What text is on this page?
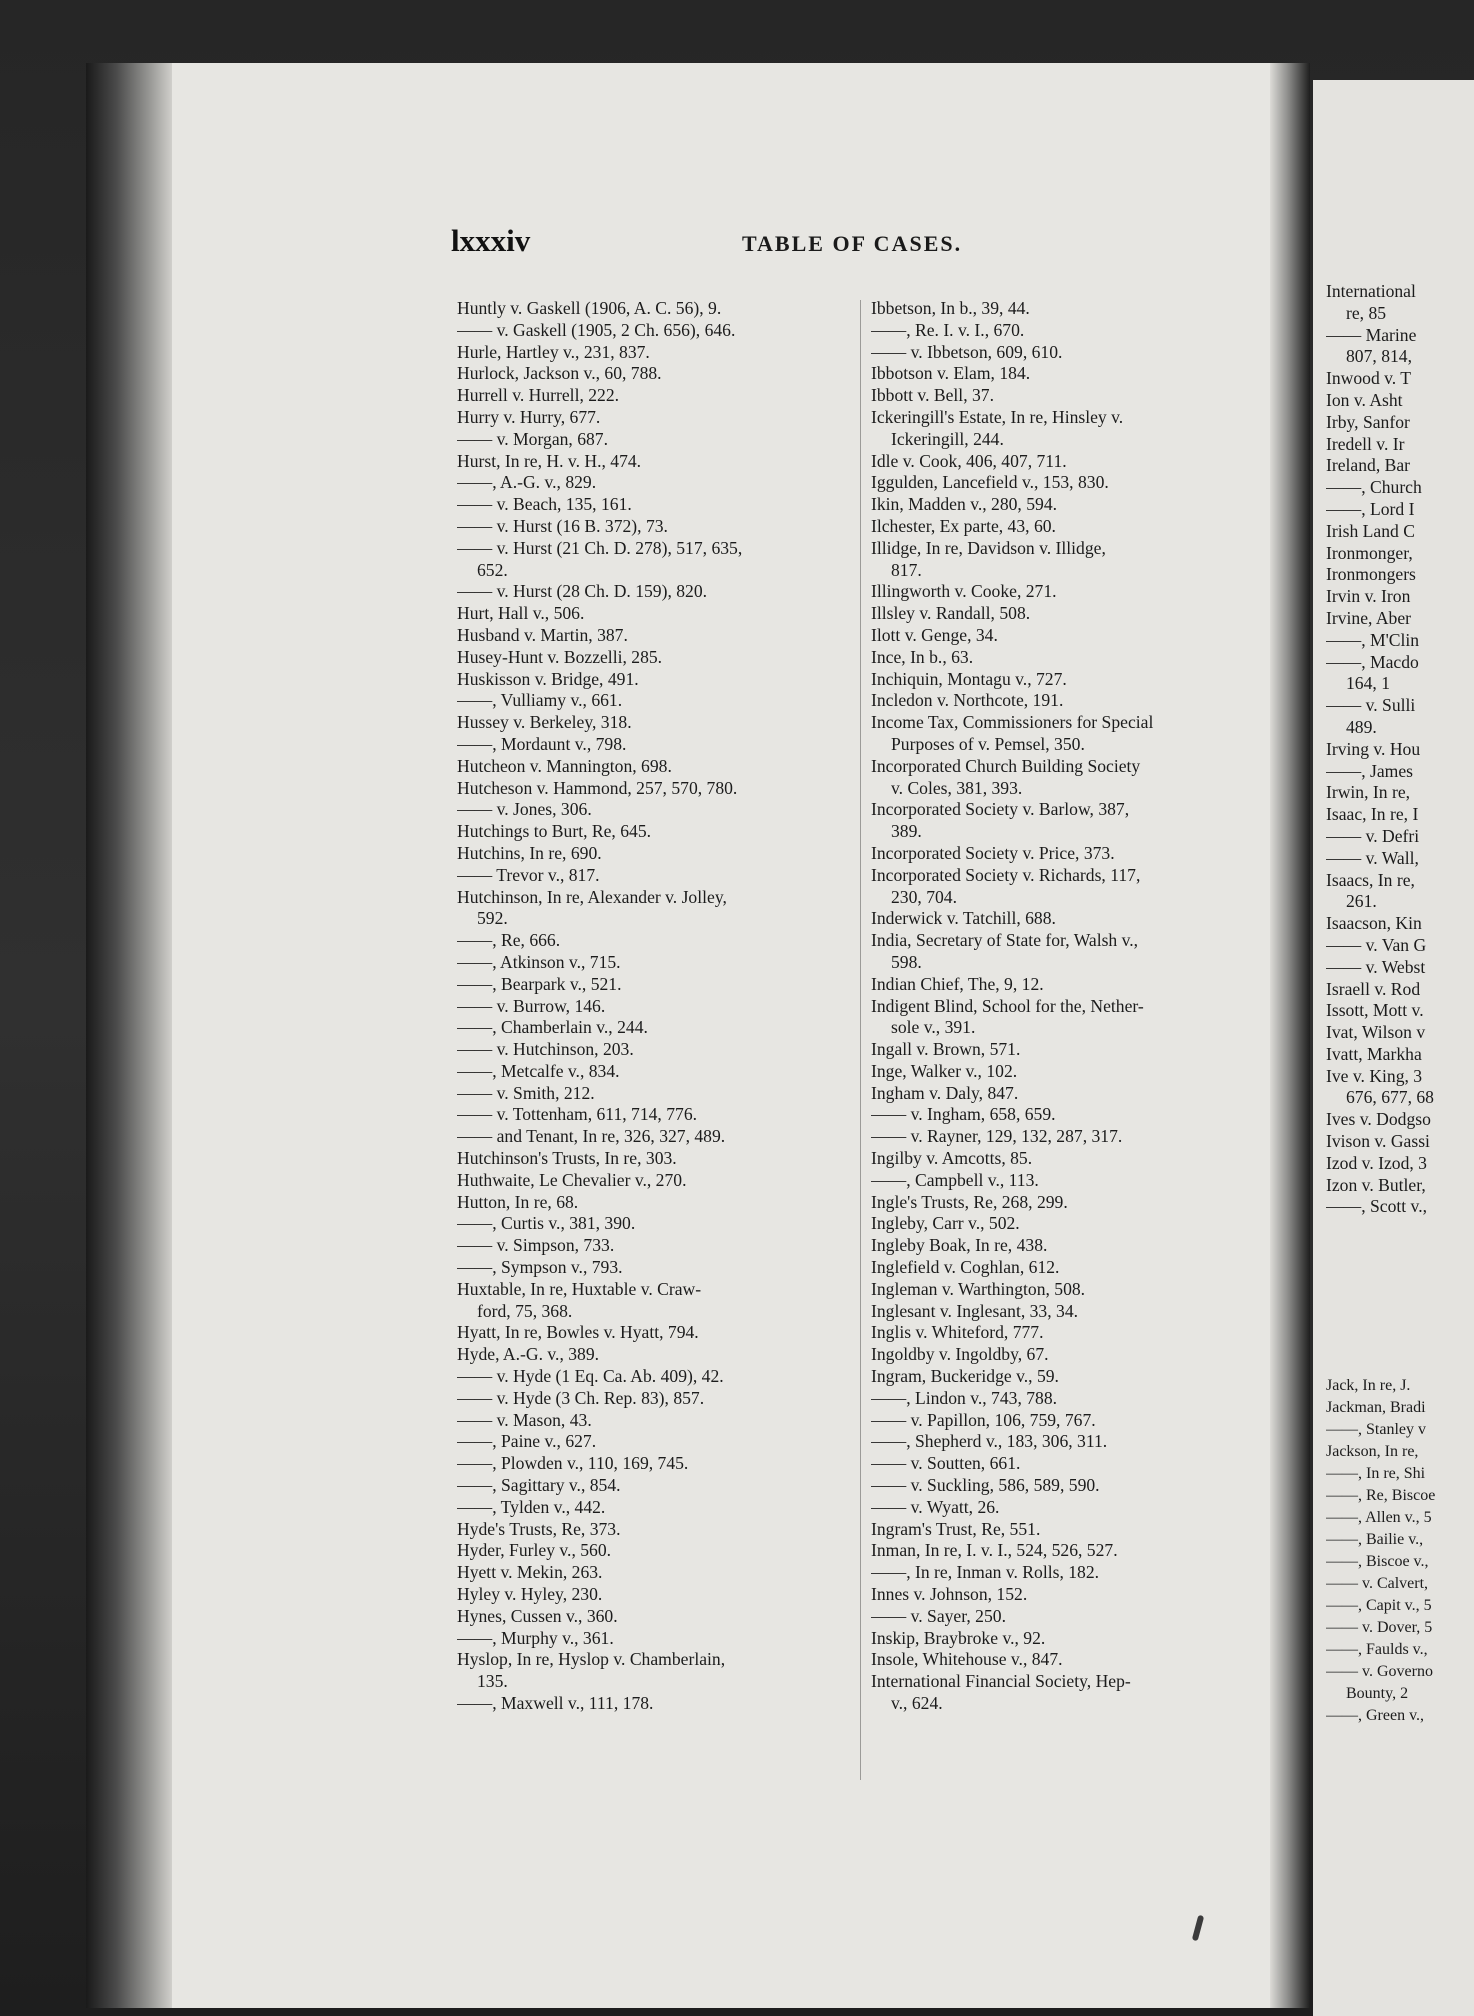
lxxxiv	TABLE OF CASES.
Huntly v. Gaskell (1906, A. C. 56), 9.
—— v. Gaskell (1905, 2 Ch. 656), 646.
Hurle, Hartley v., 231, 837.
Hurlock, Jackson v., 60, 788.
Hurrell v. Hurrell, 222.
Hurry v. Hurry, 677.
—— v. Morgan, 687.
Hurst, In re, H. v. H., 474.
——, A.-G. v., 829.
—— v. Beach, 135, 161.
—— v. Hurst (16 B. 372), 73.
—— v. Hurst (21 Ch. D. 278), 517, 635,
652.
—— v. Hurst (28 Ch. D. 159), 820.
Hurt, Hall v., 506.
Husband v. Martin, 387.
Husey-Hunt v. Bozzelli, 285.
Huskisson v. Bridge, 491.
——, Vulliamy v., 661.
Hussey v. Berkeley, 318.
——, Mordaunt v., 798.
Hutcheon v. Mannington, 698.
Hutcheson v. Hammond, 257, 570, 780.
—— v. Jones, 306.
Hutchings to Burt, Re, 645.
Hutchins, In re, 690.
—— Trevor v., 817.
Hutchinson, In re, Alexander v. Jolley,
592.
——, Re, 666.
——, Atkinson v., 715.
——, Bearpark v., 521.
—— v. Burrow, 146.
——, Chamberlain v., 244.
—— v. Hutchinson, 203.
——, Metcalfe v., 834.
—— v. Smith, 212.
—— v. Tottenham, 611, 714, 776.
—— and Tenant, In re, 326, 327, 489.
Hutchinson's Trusts, In re, 303.
Huthwaite, Le Chevalier v., 270.
Hutton, In re, 68.
——, Curtis v., 381, 390.
—— v. Simpson, 733.
——, Sympson v., 793.
Huxtable, In re, Huxtable v. Craw-
ford, 75, 368.
Hyatt, In re, Bowles v. Hyatt, 794.
Hyde, A.-G. v., 389.
—— v. Hyde (1 Eq. Ca. Ab. 409), 42.
—— v. Hyde (3 Ch. Rep. 83), 857.
—— v. Mason, 43.
——, Paine v., 627.
——, Plowden v., 110, 169, 745.
——, Sagittary v., 854.
——, Tylden v., 442.
Hyde's Trusts, Re, 373.
Hyder, Furley v., 560.
Hyett v. Mekin, 263.
Hyley v. Hyley, 230.
Hynes, Cussen v., 360.
——, Murphy v., 361.
Hyslop, In re, Hyslop v. Chamberlain,
135.
——, Maxwell v., 111, 178.
Ibbetson, In b., 39, 44.
——, Re. I. v. I., 670.
—— v. Ibbetson, 609, 610.
Ibbotson v. Elam, 184.
Ibbott v. Bell, 37.
Ickeringill's Estate, In re, Hinsley v.
Ickeringill, 244.
Idle v. Cook, 406, 407, 711.
Iggulden, Lancefield v., 153, 830.
Ikin, Madden v., 280, 594.
Ilchester, Ex parte, 43, 60.
Illidge, In re, Davidson v. Illidge,
817.
Illingworth v. Cooke, 271.
Illsley v. Randall, 508.
Ilott v. Genge, 34.
Ince, In b., 63.
Inchiquin, Montagu v., 727.
Incledon v. Northcote, 191.
Income Tax, Commissioners for Special
Purposes of v. Pemsel, 350.
Incorporated Church Building Society
v. Coles, 381, 393.
Incorporated Society v. Barlow, 387,
389.
Incorporated Society v. Price, 373.
Incorporated Society v. Richards, 117,
230, 704.
Inderwick v. Tatchill, 688.
India, Secretary of State for, Walsh v.,
598.
Indian Chief, The, 9, 12.
Indigent Blind, School for the, Nether-
sole v., 391.
Ingall v. Brown, 571.
Inge, Walker v., 102.
Ingham v. Daly, 847.
—— v. Ingham, 658, 659.
—— v. Rayner, 129, 132, 287, 317.
Ingilby v. Amcotts, 85.
——, Campbell v., 113.
Ingle's Trusts, Re, 268, 299.
Ingleby, Carr v., 502.
Ingleby Boak, In re, 438.
Inglefield v. Coghlan, 612.
Ingleman v. Warthington, 508.
Inglesant v. Inglesant, 33, 34.
Inglis v. Whiteford, 777.
Ingoldby v. Ingoldby, 67.
Ingram, Buckeridge v., 59.
——, Lindon v., 743, 788.
—— v. Papillon, 106, 759, 767.
——, Shepherd v., 183, 306, 311.
—— v. Soutten, 661.
—— v. Suckling, 586, 589, 590.
—— v. Wyatt, 26.
Ingram's Trust, Re, 551.
Inman, In re, I. v. I., 524, 526, 527.
——, In re, Inman v. Rolls, 182.
Innes v. Johnson, 152.
—— v. Sayer, 250.
Inskip, Braybroke v., 92.
Insole, Whitehouse v., 847.
International Financial Society, Hep-
v., 624.
International
re, 85
—— Marine
807, 814,
Inwood v. T
Ion v. Asht
Irby, Sanfor
Iredell v. Ir
Ireland, Bar
——, Church
——, Lord I
Irish Land C
Ironmonger,
Ironmongers
Irvin v. Iron
Irvine, Aber
——, M'Clin
——, Macdo
164, 1
—— v. Sulli
489.
Irving v. Hou
——, James
Irwin, In re,
Isaac, In re, I
—— v. Defri
—— v. Wall,
Isaacs, In re,
261.
Isaacson, Kin
—— v. Van G
—— v. Webst
Israell v. Rod
Issott, Mott v.
Ivat, Wilson v
Ivatt, Markha
Ive v. King, 3
676, 677, 68
Ives v. Dodgso
Ivison v. Gassi
Izod v. Izod, 3
Izon v. Butler,
——, Scott v.,
Jack, In re, J.
Jackman, Bradi
——, Stanley v
Jackson, In re,
——, In re, Shi
——, Re, Biscoe
——, Allen v., 5
——, Bailie v.,
——, Biscoe v.,
—— v. Calvert,
——, Capit v., 5
—— v. Dover, 5
——, Faulds v.,
—— v. Governo
Bounty, 2
——, Green v.,
